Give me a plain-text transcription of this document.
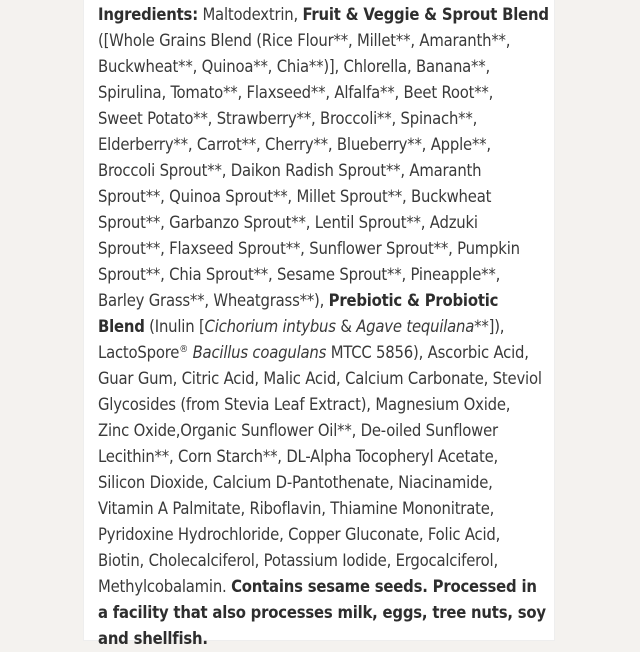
Ingredients: Maltodextrin, Fruit & Veggie & Sprout Blend
([Whole Grains Blend (Rice Flour**, Millet**, Amaranth**,
Buckwheat**, Quinoa**, Chia**)], Chlorella, Banana**,
Spirulina, Tomato**, Flaxseed**, Alfalfa**, Beet Root**,
Sweet Potato**, Strawberry**, Broccoli**, Spinach**,
Elderberry**, Carrot**, Cherry**, Blueberry**, Apple**,
Broccoli Sprout**, Daikon Radish Sprout**, Amaranth
Sprout**, Quinoa Sprout**, Millet Sprout**, Buckwheat
Sprout**, Garbanzo Sprout**, Lentil Sprout**, Adzuki
Sprout**, Flaxseed Sprout**, Sunflower Sprout**, Pumpkin
Sprout**, Chia Sprout**, Sesame Sprout**, Pineapple**,
Barley Grass**, Wheatgrass**), Prebiotic & Probiotic
Blend (Inulin [Cichorium intybus & Agave tequilana**]),
LactoSpore® Bacillus coagulans MTCC 5856), Ascorbic Acid,
Guar Gum, Citric Acid, Malic Acid, Calcium Carbonate, Steviol
Glycosides (from Stevia Leaf Extract), Magnesium Oxide,
Zinc Oxide,Organic Sunflower Oil**, De-oiled Sunflower
Lecithin**, Corn Starch**, DL-Alpha Tocopheryl Acetate,
Silicon Dioxide, Calcium D-Pantothenate, Niacinamide,
Vitamin A Palmitate, Riboflavin, Thiamine Mononitrate,
Pyridoxine Hydrochloride, Copper Gluconate, Folic Acid,
Biotin, Cholecalciferol, Potassium Iodide, Ergocalciferol,
Methylcobalamin. Contains sesame seeds. Processed in
a facility that also processes milk, eggs, tree nuts, soy
and shellfish.
